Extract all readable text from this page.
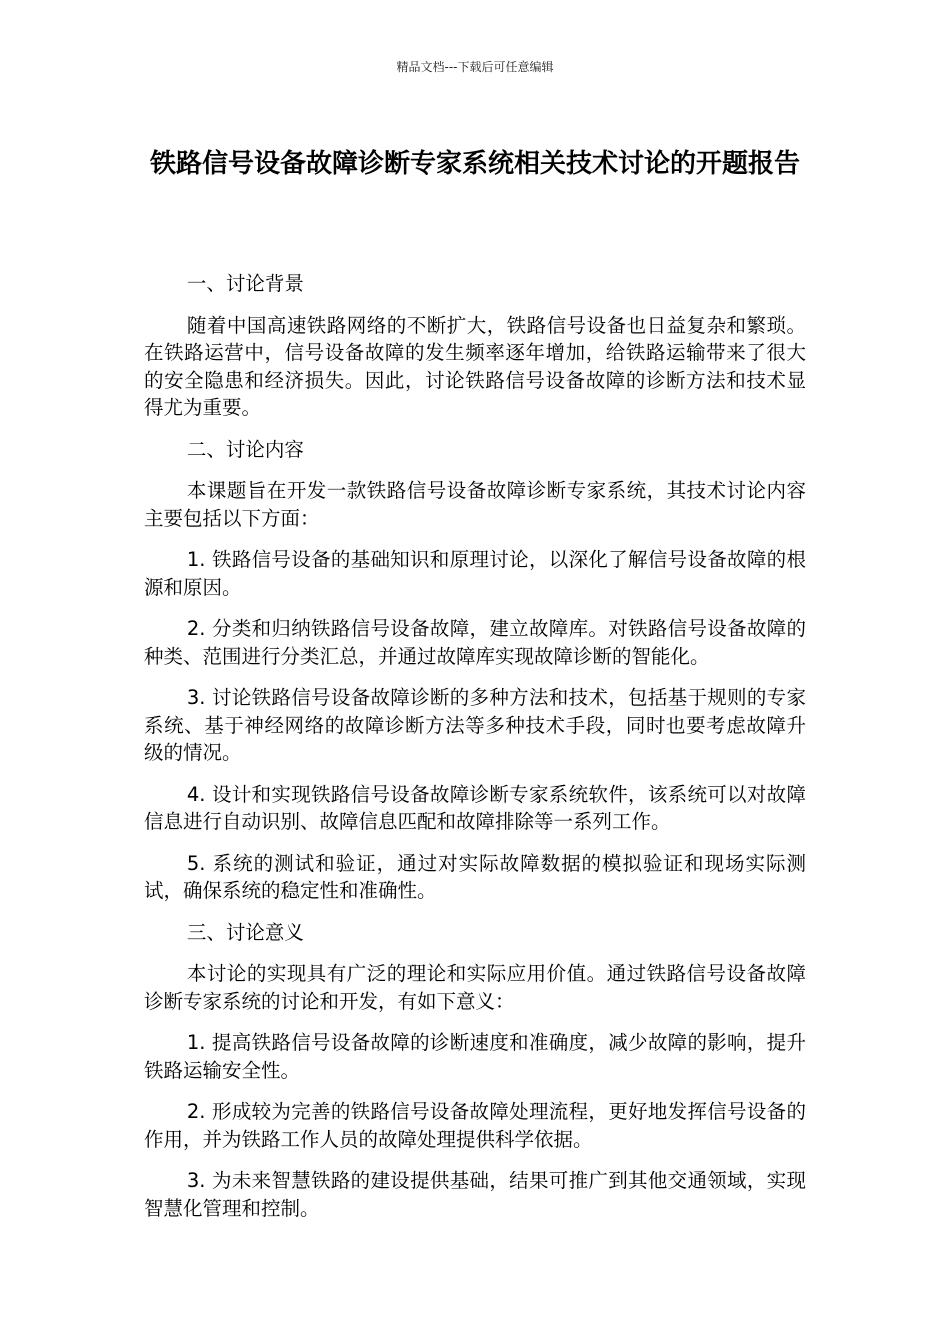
精品文档---下载后可任意编辑
铁路信号设备故障诊断专家系统相关技术讨论的开题报告

一、讨论背景

随着中国高速铁路网络的不断扩大，铁路信号设备也日益复杂和繁琐。在铁路运营中，信号设备故障的发生频率逐年增加，给铁路运输带来了很大的安全隐患和经济损失。因此，讨论铁路信号设备故障的诊断方法和技术显得尤为重要。

二、讨论内容

本课题旨在开发一款铁路信号设备故障诊断专家系统，其技术讨论内容主要包括以下方面：

1. 铁路信号设备的基础知识和原理讨论，以深化了解信号设备故障的根源和原因。

2. 分类和归纳铁路信号设备故障，建立故障库。对铁路信号设备故障的种类、范围进行分类汇总，并通过故障库实现故障诊断的智能化。

3. 讨论铁路信号设备故障诊断的多种方法和技术，包括基于规则的专家系统、基于神经网络的故障诊断方法等多种技术手段，同时也要考虑故障升级的情况。

4. 设计和实现铁路信号设备故障诊断专家系统软件，该系统可以对故障信息进行自动识别、故障信息匹配和故障排除等一系列工作。

5. 系统的测试和验证，通过对实际故障数据的模拟验证和现场实际测试，确保系统的稳定性和准确性。

三、讨论意义

本讨论的实现具有广泛的理论和实际应用价值。通过铁路信号设备故障诊断专家系统的讨论和开发，有如下意义：

1. 提高铁路信号设备故障的诊断速度和准确度，减少故障的影响，提升铁路运输安全性。

2. 形成较为完善的铁路信号设备故障处理流程，更好地发挥信号设备的作用，并为铁路工作人员的故障处理提供科学依据。

3. 为未来智慧铁路的建设提供基础，结果可推广到其他交通领域，实现智慧化管理和控制。
